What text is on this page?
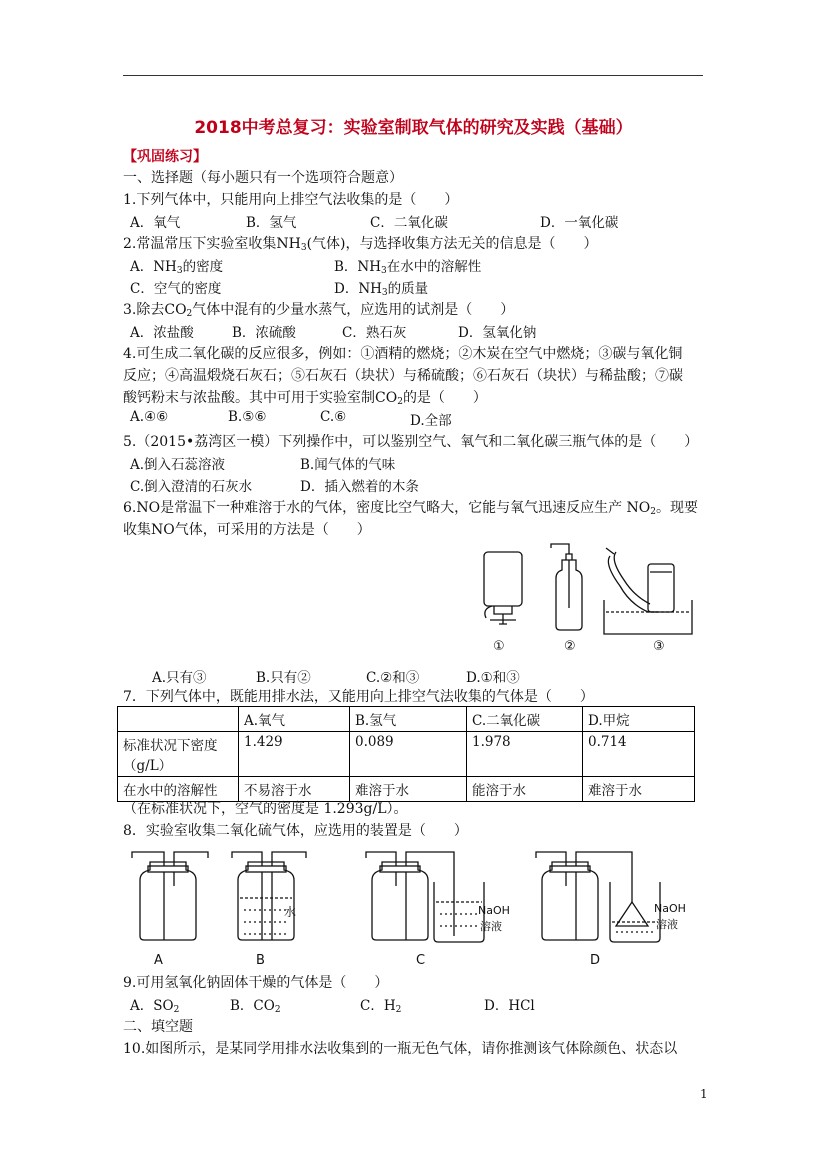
2018中考总复习：实验室制取气体的研究及实践（基础）
【巩固练习】
一、选择题（每小题只有一个选项符合题意）
1.下列气体中，只能用向上排空气法收集的是（　　）
A．氧气	B．氢气	C．二氧化碳	D．一氧化碳
2.常温常压下实验室收集$NH_3$(气体)，与选择收集方法无关的信息是（　　）
A．$NH_3$的密度	B．$NH_3$在水中的溶解性
C．空气的密度	D．$NH_3$的质量
3.除去$CO_2$气体中混有的少量水蒸气，应选用的试剂是（　　）
A．浓盐酸	B．浓硫酸	C．熟石灰	D．氢氧化钠
4.可生成二氧化碳的反应很多，例如：①酒精的燃烧；②木炭在空气中燃烧；③碳与氧化铜
反应；④高温煅烧石灰石；⑤石灰石（块状）与稀硫酸；⑥石灰石（块状）与稀盐酸；⑦碳
酸钙粉末与浓盐酸。其中可用于实验室制$CO_2$的是（　　）
A.④⑥	B.⑤⑥	C.⑥	D.全部
5.（2015•荔湾区一模）下列操作中，可以鉴别空气、氧气和二氧化碳三瓶气体的是（　　）
A.倒入石蕊溶液	B.闻气体的气味
C.倒入澄清的石灰水	D．插入燃着的木条
6.NO是常温下一种难溶于水的气体，密度比空气略大，它能与氧气迅速反应生产 $NO_2$。现要
收集NO气体，可采用的方法是（　　）
①	②	③
A.只有③	B.只有②	C.②和③	D.①和③
7．下列气体中，既能用排水法，又能用向上排空气法收集的气体是（　　）
	A.氧气	B.氢气	C.二氧化碳	D.甲烷
标准状况下密度
（g/L）	1.429	0.089	1.978	0.714
在水中的溶解性	不易溶于水	难溶于水	能溶于水	难溶于水
（在标准状况下，空气的密度是 1.293g/L）。
8．实验室收集二氧化硫气体，应选用的装置是（　　）
水	NaOH
溶液
NaOH
溶液
A	B	C	D
9.可用氢氧化钠固体干燥的气体是（　　）
A．$SO_2$	B．$CO_2$	C．$H_2$	D．HCl
二、填空题
10.如图所示，是某同学用排水法收集到的一瓶无色气体，请你推测该气体除颜色、状态以
1
